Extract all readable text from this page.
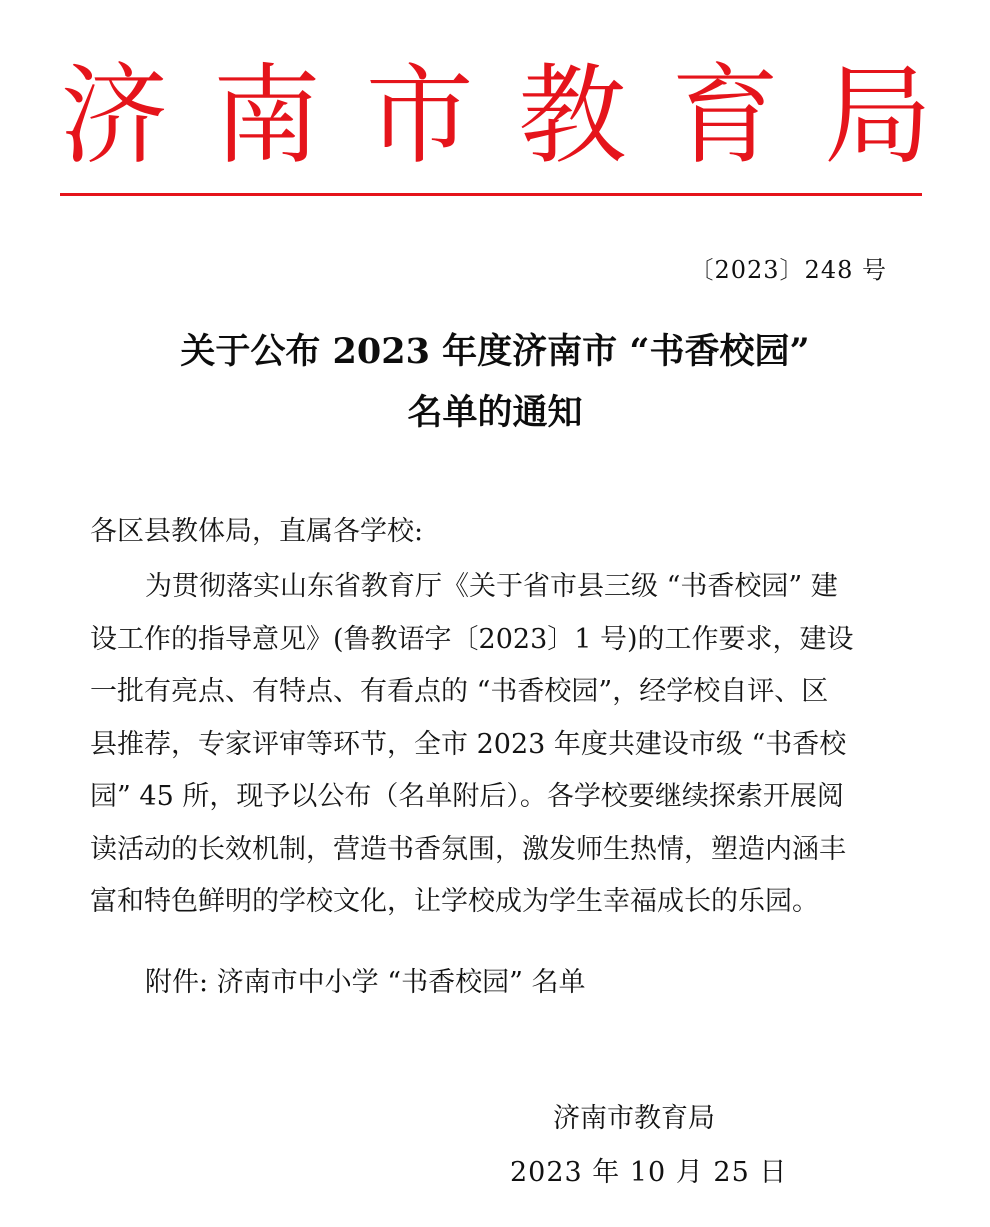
济 南 市 教 育 局
〔2023〕248 号
关于公布 2023 年度济南市 “书香校园”
名单的通知
各区县教体局，直属各学校:
为贯彻落实山东省教育厅《关于省市县三级 “书香校园” 建
设工作的指导意见》(鲁教语字〔2023〕1 号)的工作要求，建设
一批有亮点、有特点、有看点的 “书香校园”，经学校自评、区
县推荐，专家评审等环节，全市 2023 年度共建设市级 “书香校
园” 45 所，现予以公布（名单附后）。各学校要继续探索开展阅
读活动的长效机制，营造书香氛围，激发师生热情，塑造内涵丰
富和特色鲜明的学校文化，让学校成为学生幸福成长的乐园。
附件: 济南市中小学 “书香校园” 名单
济南市教育局
2023 年 10 月 25 日
